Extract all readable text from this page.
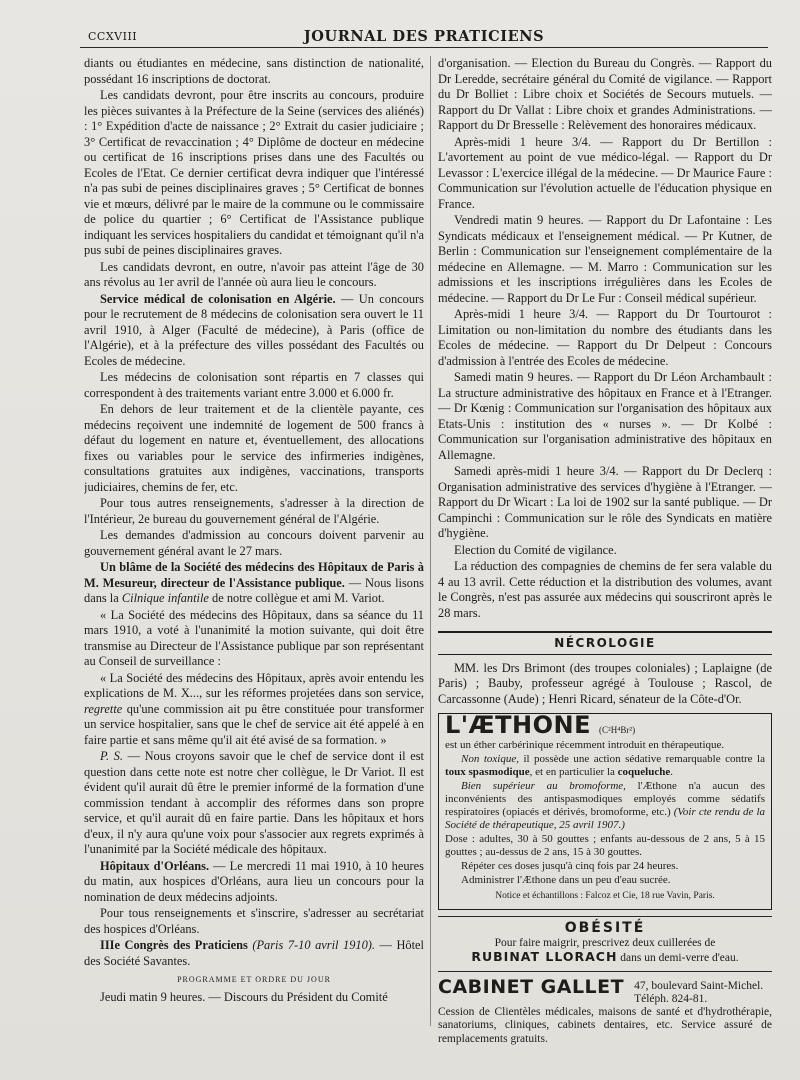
CCXVIII	JOURNAL DES PRATICIENS

diants ou étudiantes en médecine, sans distinction de nationalité, possédant 16 inscriptions de doctorat.

Les candidats devront, pour être inscrits au concours, produire les pièces suivantes à la Préfecture de la Seine (services des aliénés) : 1° Expédition d'acte de naissance ; 2° Extrait du casier judiciaire ; 3° Certificat de revaccination ; 4° Diplôme de docteur en médecine ou certificat de 16 inscriptions prises dans une des Facultés ou Ecoles de l'Etat. Ce dernier certificat devra indiquer que l'intéressé n'a pas subi de peines disciplinaires graves ; 5° Certificat de bonnes vie et mœurs, délivré par le maire de la commune ou le commissaire de police du quartier ; 6° Certificat de l'Assistance publique indiquant les services hospitaliers du candidat et témoignant qu'il n'a pus subi de peines disciplinaires graves.

Les candidats devront, en outre, n'avoir pas atteint l'âge de 30 ans révolus au 1er avril de l'année où aura lieu le concours.

Service médical de colonisation en Algérie. — Un concours pour le recrutement de 8 médecins de colonisation sera ouvert le 11 avril 1910, à Alger (Faculté de médecine), à Paris (office de l'Algérie), et à la préfecture des villes possédant des Facultés ou Ecoles de médecine.

Les médecins de colonisation sont répartis en 7 classes qui correspondent à des traitements variant entre 3.000 et 6.000 fr.

En dehors de leur traitement et de la clientèle payante, ces médecins reçoivent une indemnité de logement de 500 francs à défaut du logement en nature et, éventuellement, des allocations fixes ou variables pour le service des infirmeries indigènes, consultations gratuites aux indigènes, vaccinations, transports judiciaires, chemins de fer, etc.

Pour tous autres renseignements, s'adresser à la direction de l'Intérieur, 2e bureau du gouvernement général de l'Algérie.

Les demandes d'admission au concours doivent parvenir au gouvernement général avant le 27 mars.

Un blâme de la Société des médecins des Hôpitaux de Paris à M. Mesureur, directeur de l'Assistance publique. — Nous lisons dans la Cilnique infantile de notre collègue et ami M. Variot.

« La Société des médecins des Hôpitaux, dans sa séance du 11 mars 1910, a voté à l'unanimité la motion suivante, qui doit être transmise au Directeur de l'Assistance publique par son représentant au Conseil de surveillance :

« La Société des médecins des Hôpitaux, après avoir entendu les explications de M. X..., sur les réformes projetées dans son service, regrette qu'une commission ait pu être constituée pour transformer un service hospitalier, sans que le chef de service ait été appelé à en faire partie et sans même qu'il ait été avisé de sa formation. »

P. S. — Nous croyons savoir que le chef de service dont il est question dans cette note est notre cher collègue, le Dr Variot. Il est évident qu'il aurait dû être le premier informé de la formation d'une commission tendant à accomplir des réformes dans son propre service, et qu'il aurait dû en faire partie. Dans les hôpitaux et hors d'eux, il n'y aura qu'une voix pour s'associer aux regrets exprimés à l'unanimité par la Société médicale des hôpitaux.

Hôpitaux d'Orléans. — Le mercredi 11 mai 1910, à 10 heures du matin, aux hospices d'Orléans, aura lieu un concours pour la nomination de deux médecins adjoints.

Pour tous renseignements et s'inscrire, s'adresser au secrétariat des hospices d'Orléans.

IIIe Congrès des Praticiens (Paris 7-10 avril 1910). — Hôtel des Société Savantes.

PROGRAMME ET ORDRE DU JOUR

Jeudi matin 9 heures. — Discours du Président du Comité

d'organisation. — Election du Bureau du Congrès. — Rapport du Dr Leredde, secrétaire général du Comité de vigilance. — Rapport du Dr Bolliet : Libre choix et Sociétés de Secours mutuels. — Rapport du Dr Vallat : Libre choix et grandes Administrations. — Rapport du Dr Bresselle : Relèvement des honoraires médicaux.

Après-midi 1 heure 3/4. — Rapport du Dr Bertillon : L'avortement au point de vue médico-légal. — Rapport du Dr Levassor : L'exercice illégal de la médecine. — Dr Maurice Faure : Communication sur l'évolution actuelle de l'éducation physique en France.

Vendredi matin 9 heures. — Rapport du Dr Lafontaine : Les Syndicats médicaux et l'enseignement médical. — Pr Kutner, de Berlin : Communication sur l'enseignement complémentaire de la médecine en Allemagne. — M. Marro : Communication sur les admissions et les inscriptions irrégulières dans les Ecoles de médecine. — Rapport du Dr Le Fur : Conseil médical supérieur.

Après-midi 1 heure 3/4. — Rapport du Dr Tourtourot : Limitation ou non-limitation du nombre des étudiants dans les Ecoles de médecine. — Rapport du Dr Delpeut : Concours d'admission à l'entrée des Ecoles de médecine.

Samedi matin 9 heures. — Rapport du Dr Léon Archambault : La structure administrative des hôpitaux en France et à l'Etranger. — Dr Kœnig : Communication sur l'organisation des hôpitaux aux Etats-Unis : institution des « nurses ». — Dr Kolbé : Communication sur l'organisation administrative des hôpitaux en Allemagne.

Samedi après-midi 1 heure 3/4. — Rapport du Dr Declerq : Organisation administrative des services d'hygiène à l'Etranger. — Rapport du Dr Wicart : La loi de 1902 sur la santé publique. — Dr Campinchi : Communication sur le rôle des Syndicats en matière d'hygiène.

Election du Comité de vigilance.

La réduction des compagnies de chemins de fer sera valable du 4 au 13 avril. Cette réduction et la distribution des volumes, avant le Congrès, n'est pas assurée aux médecins qui souscriront après le 28 mars.

NÉCROLOGIE

MM. les Drs Brimont (des troupes coloniales) ; Laplaigne (de Paris) ; Bauby, professeur agrégé à Toulouse ; Rascol, de Carcassonne (Aude) ; Henri Ricard, sénateur de la Côte-d'Or.

L'ÆTHONE (C²H⁴Br²)

est un éther carbérinique récemment introduit en thérapeutique.

Non toxique, il possède une action sédative remarquable contre la toux spasmodique, et en particulier la coqueluche.

Bien supérieur au bromoforme, l'Æthone n'a aucun des inconvénients des antispasmodiques employés comme sédatifs respiratoires (opiacés et dérivés, bromoforme, etc.) (Voir cte rendu de la Société de thérapeutique, 25 avril 1907.)

Dose : adultes, 30 à 50 gouttes ; enfants au-dessous de 2 ans, 5 à 15 gouttes ; au-dessus de 2 ans, 15 à 30 gouttes.

Répéter ces doses jusqu'à cinq fois par 24 heures.

Administrer l'Æthone dans un peu d'eau sucrée.

Notice et échantillons : Falcoz et Cie, 18 rue Vavin, Paris.

OBÉSITÉ
Pour faire maigrir, prescrivez deux cuillerées de
RUBINAT LLORACH dans un demi-verre d'eau.
CABINET GALLET 47, boulevard Saint-Michel.
Téléph. 824-81.

Cession de Clientèles médicales, maisons de santé et d'hydrothérapie, sanatoriums, cliniques, cabinets dentaires, etc. Service assuré de remplacements gratuits.
